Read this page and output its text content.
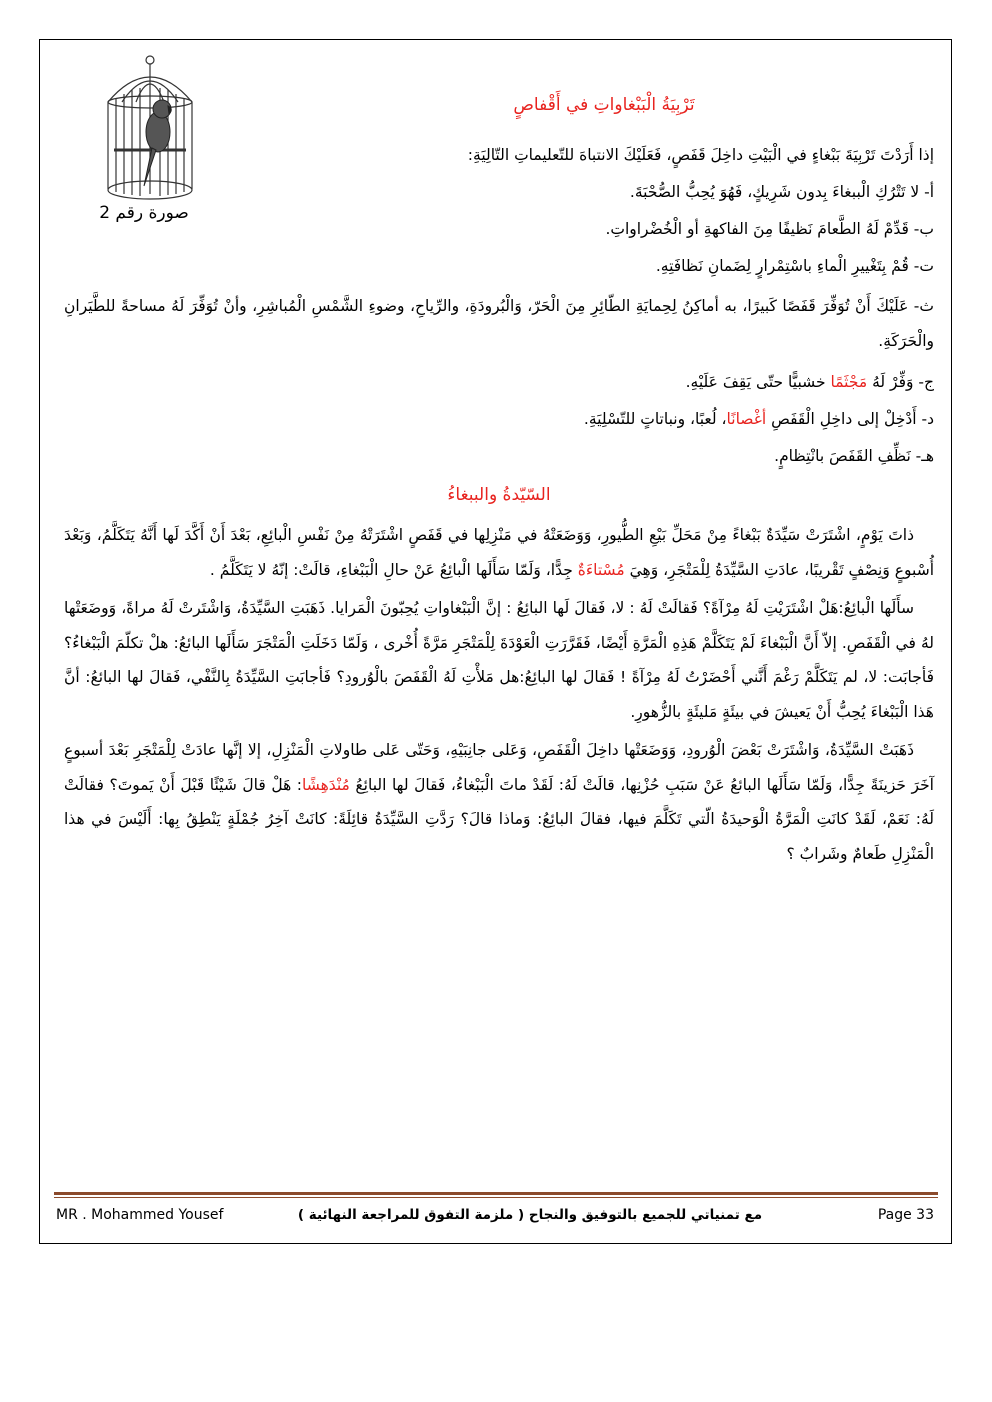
صورة رقم 2

تَرْبِيَةُ الْبَبْغاواتِ في أَقْفاصٍ

إذا أَرَدْتَ تَرْبِيَةَ بَبْغاءٍ في الْبَيْتِ داخِلَ قَفَصٍ، فَعَلَيْكَ الانتباهَ للتّعليماتِ التّالِيَةِ:

أ- لا تَتْرُكِ الْببغاءَ بِدون شَرِيكٍ، فَهُوَ يُحِبُّ الصُّحْبَةَ.

ب- قَدِّمْ لَهُ الطَّعامَ نَظيفًا مِنَ الفاكهةِ أو الْخُضْراواتِ.

ت- قُمْ بِتَغْييرِ الْماءِ باسْتِمْرارٍ لِضَمانِ نَظافَتِهِ.

ث- عَلَيْكَ أَنْ تُوَفِّرَ قَفَصًا كَبيرًا، به أماكِنُ لِحِمايَةِ الطّائِرِ مِنَ الْحَرّ، وَالْبُرودَةِ، والرِّياحِ، وضوءِ الشَّمْسِ الْمُباشِرِ، وأنْ تُوَفِّرَ لَهُ مساحةً للطَّيَرانِ والْحَرَكَةِ.

ج- وَفِّرْ لَهُ مَجْثَمًا خشبيًّا حتّى يَقِفَ عَلَيْهِ.

د- أَدْخِلْ إلى داخِلِ الْقَفَصِ أغْصانًا، لُعبًا، ونباتاتٍ للتّسْلِيَةِ.

هـ- نَظِّفِ القَفَصَ بانْتِظامٍ.

السّيّدةُ والببغاءُ

ذاتَ يَوْمٍ، اشْتَرَتْ سَيِّدَةٌ بَبْغاءً مِنْ مَحَلِّ بَيْعِ الطُّيورِ، وَوَضَعَتْهُ في مَنْزِلِها في قَفَصٍ اشْتَرَتْهُ مِنْ نَفْسِ الْبائِعِ، بَعْدَ أَنْ أَكَّدَ لَها أَنَّهُ يَتَكَلَّمُ، وَبَعْدَ أُسْبوعٍ وَنِصْفٍ تَقْريبًا، عادَتِ السَّيِّدَةُ لِلْمَتْجَرِ، وَهِيَ مُسْتاءَةٌ جِدًّا، وَلَمّا سَأَلَها الْبائِعُ عَنْ حالِ الْبَبْغاءِ، قالَتْ: إنّهُ لا يَتَكَلَّمُ .

سأَلَها الْبائِعُ:هَلْ اشْتَرَيْتِ لَهُ مِرْآةً؟ فَقالَتْ لَهُ : لا، فَقالَ لَها البائِعُ : إنَّ الْبَبْغاواتِ يُحِبّونَ الْمَرايا. ذَهَبَتِ السَّيِّدَةُ، وَاشْتَرتْ لَهُ مراةً، وَوضَعَتْها لهُ في الْقَفَصِ. إلاّ أَنَّ الْبَبْغاءَ لَمْ يَتَكَلَّمْ هَذِهِ الْمَرَّةِ أَيْضًا، فَقَرَّرَتِ الْعَوْدَةَ لِلْمَتْجَرِ مَرَّةً أُخْرى ، وَلَمّا دَخَلَتِ الْمَتْجَرَ سَأَلَها البائعُ: هلْ تكلّمَ الْبَبْغاءُ؟ فَأجابَت: لا، لم يَتَكَلَّمْ رَغْمَ أَنَّني أَحْضَرْتُ لَهُ مِرْآةً ! فَقالَ لها البائِعُ:هل مَلأْتِ لَهُ الْقَفَصَ بالْوُرودِ؟ فَأجابَتِ السَّيِّدَةُ بِالنَّفْي، فَقالَ لها البائعُ: أنَّ هَذا الْبَبْغاءَ يُحِبُّ أَنْ يَعيشَ في بيئَةٍ مَليئَةٍ بالزُّهورِ.

ذَهَبَتْ السَّيِّدَةُ، وَاشْتَرَتْ بَعْضَ الْوُرودِ، وَوَضَعَتْها داخِلَ الْقَفَصِ، وَعَلى جانِبَيْهِ، وَحَتّى عَلى طاولاتِ الْمَنْزِلِ، إلا إنَّها عادَتْ لِلْمَتْجَرِ بَعْدَ أسبوعٍ آخَرَ حَزينَةً جِدًّا، وَلَمّا سَأَلَها البائعُ عَنْ سَبَبِ حُزْنِها، قالَتْ لَهُ: لَقَدْ ماتَ الْبَبْغاءُ، فَقالَ لها البائِعُ مُنْدَهِشًا: هَلْ قالَ شَيْئًا قَبْلَ أَنْ يَموتَ؟ فقالَتْ لَهُ: نَعَمْ، لَقَدْ كانَتِ الْمَرَّةُ الْوَحيدَةُ الّتي تَكَلَّمَ فيها، فقالَ البائِعُ: وَماذا قالَ؟ رَدَّتِ السَّيِّدَةُ قائِلَةً: كانَتْ آخِرُ جُمْلَةٍ يَنْطِقُ بِها: أَلَيْسَ في هذا الْمَنْزِلِ طَعامٌ وشَرابٌ ؟

MR . Mohammed Yousef	مع تمنياتي للجميع بالتوفيق والنجاح ( ملزمة التفوق للمراجعة النهائية )	Page 33
